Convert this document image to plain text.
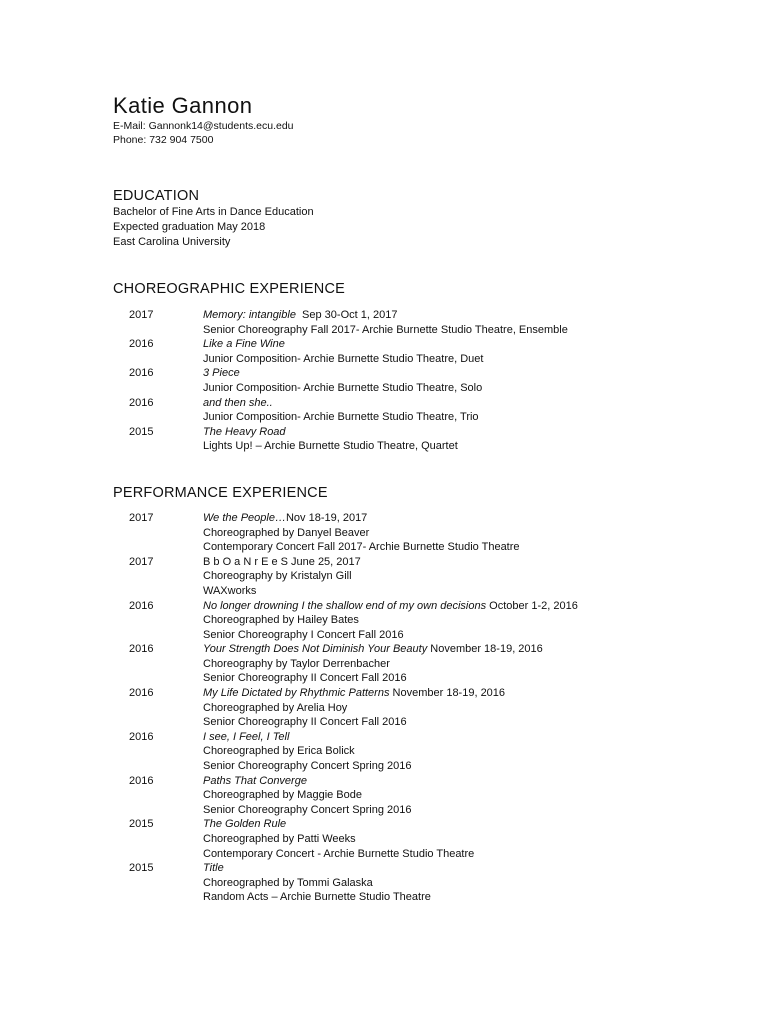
Katie Gannon
E-Mail: Gannonk14@students.ecu.edu
Phone: 732 904 7500
EDUCATION
Bachelor of Fine Arts in Dance Education
Expected graduation May 2018
East Carolina University
CHOREOGRAPHIC EXPERIENCE
2017	Memory: intangible  Sep 30-Oct 1, 2017
Senior Choreography Fall 2017- Archie Burnette Studio Theatre, Ensemble
2016	Like a Fine Wine
Junior Composition- Archie Burnette Studio Theatre, Duet
2016	3 Piece
Junior Composition- Archie Burnette Studio Theatre, Solo
2016	and then she..
Junior Composition- Archie Burnette Studio Theatre, Trio
2015	The Heavy Road
Lights Up! – Archie Burnette Studio Theatre, Quartet
PERFORMANCE EXPERIENCE
2017	We the People…Nov 18-19, 2017
Choreographed by Danyel Beaver
Contemporary Concert Fall 2017- Archie Burnette Studio Theatre
2017	B b O a N r E e S June 25, 2017
Choreography by Kristalyn Gill
WAXworks
2016	No longer drowning I the shallow end of my own decisions October 1-2, 2016
Choreographed by Hailey Bates
Senior Choreography I Concert Fall 2016
2016	Your Strength Does Not Diminish Your Beauty November 18-19, 2016
Choreography by Taylor Derrenbacher
Senior Choreography II Concert Fall 2016
2016	My Life Dictated by Rhythmic Patterns November 18-19, 2016
Choreographed by Arelia Hoy
Senior Choreography II Concert Fall 2016
2016	I see, I Feel, I Tell
Choreographed by Erica Bolick
Senior Choreography Concert Spring 2016
2016	Paths That Converge
Choreographed by Maggie Bode
Senior Choreography Concert Spring 2016
2015	The Golden Rule
Choreographed by Patti Weeks
Contemporary Concert - Archie Burnette Studio Theatre
2015	Title
Choreographed by Tommi Galaska
Random Acts – Archie Burnette Studio Theatre
